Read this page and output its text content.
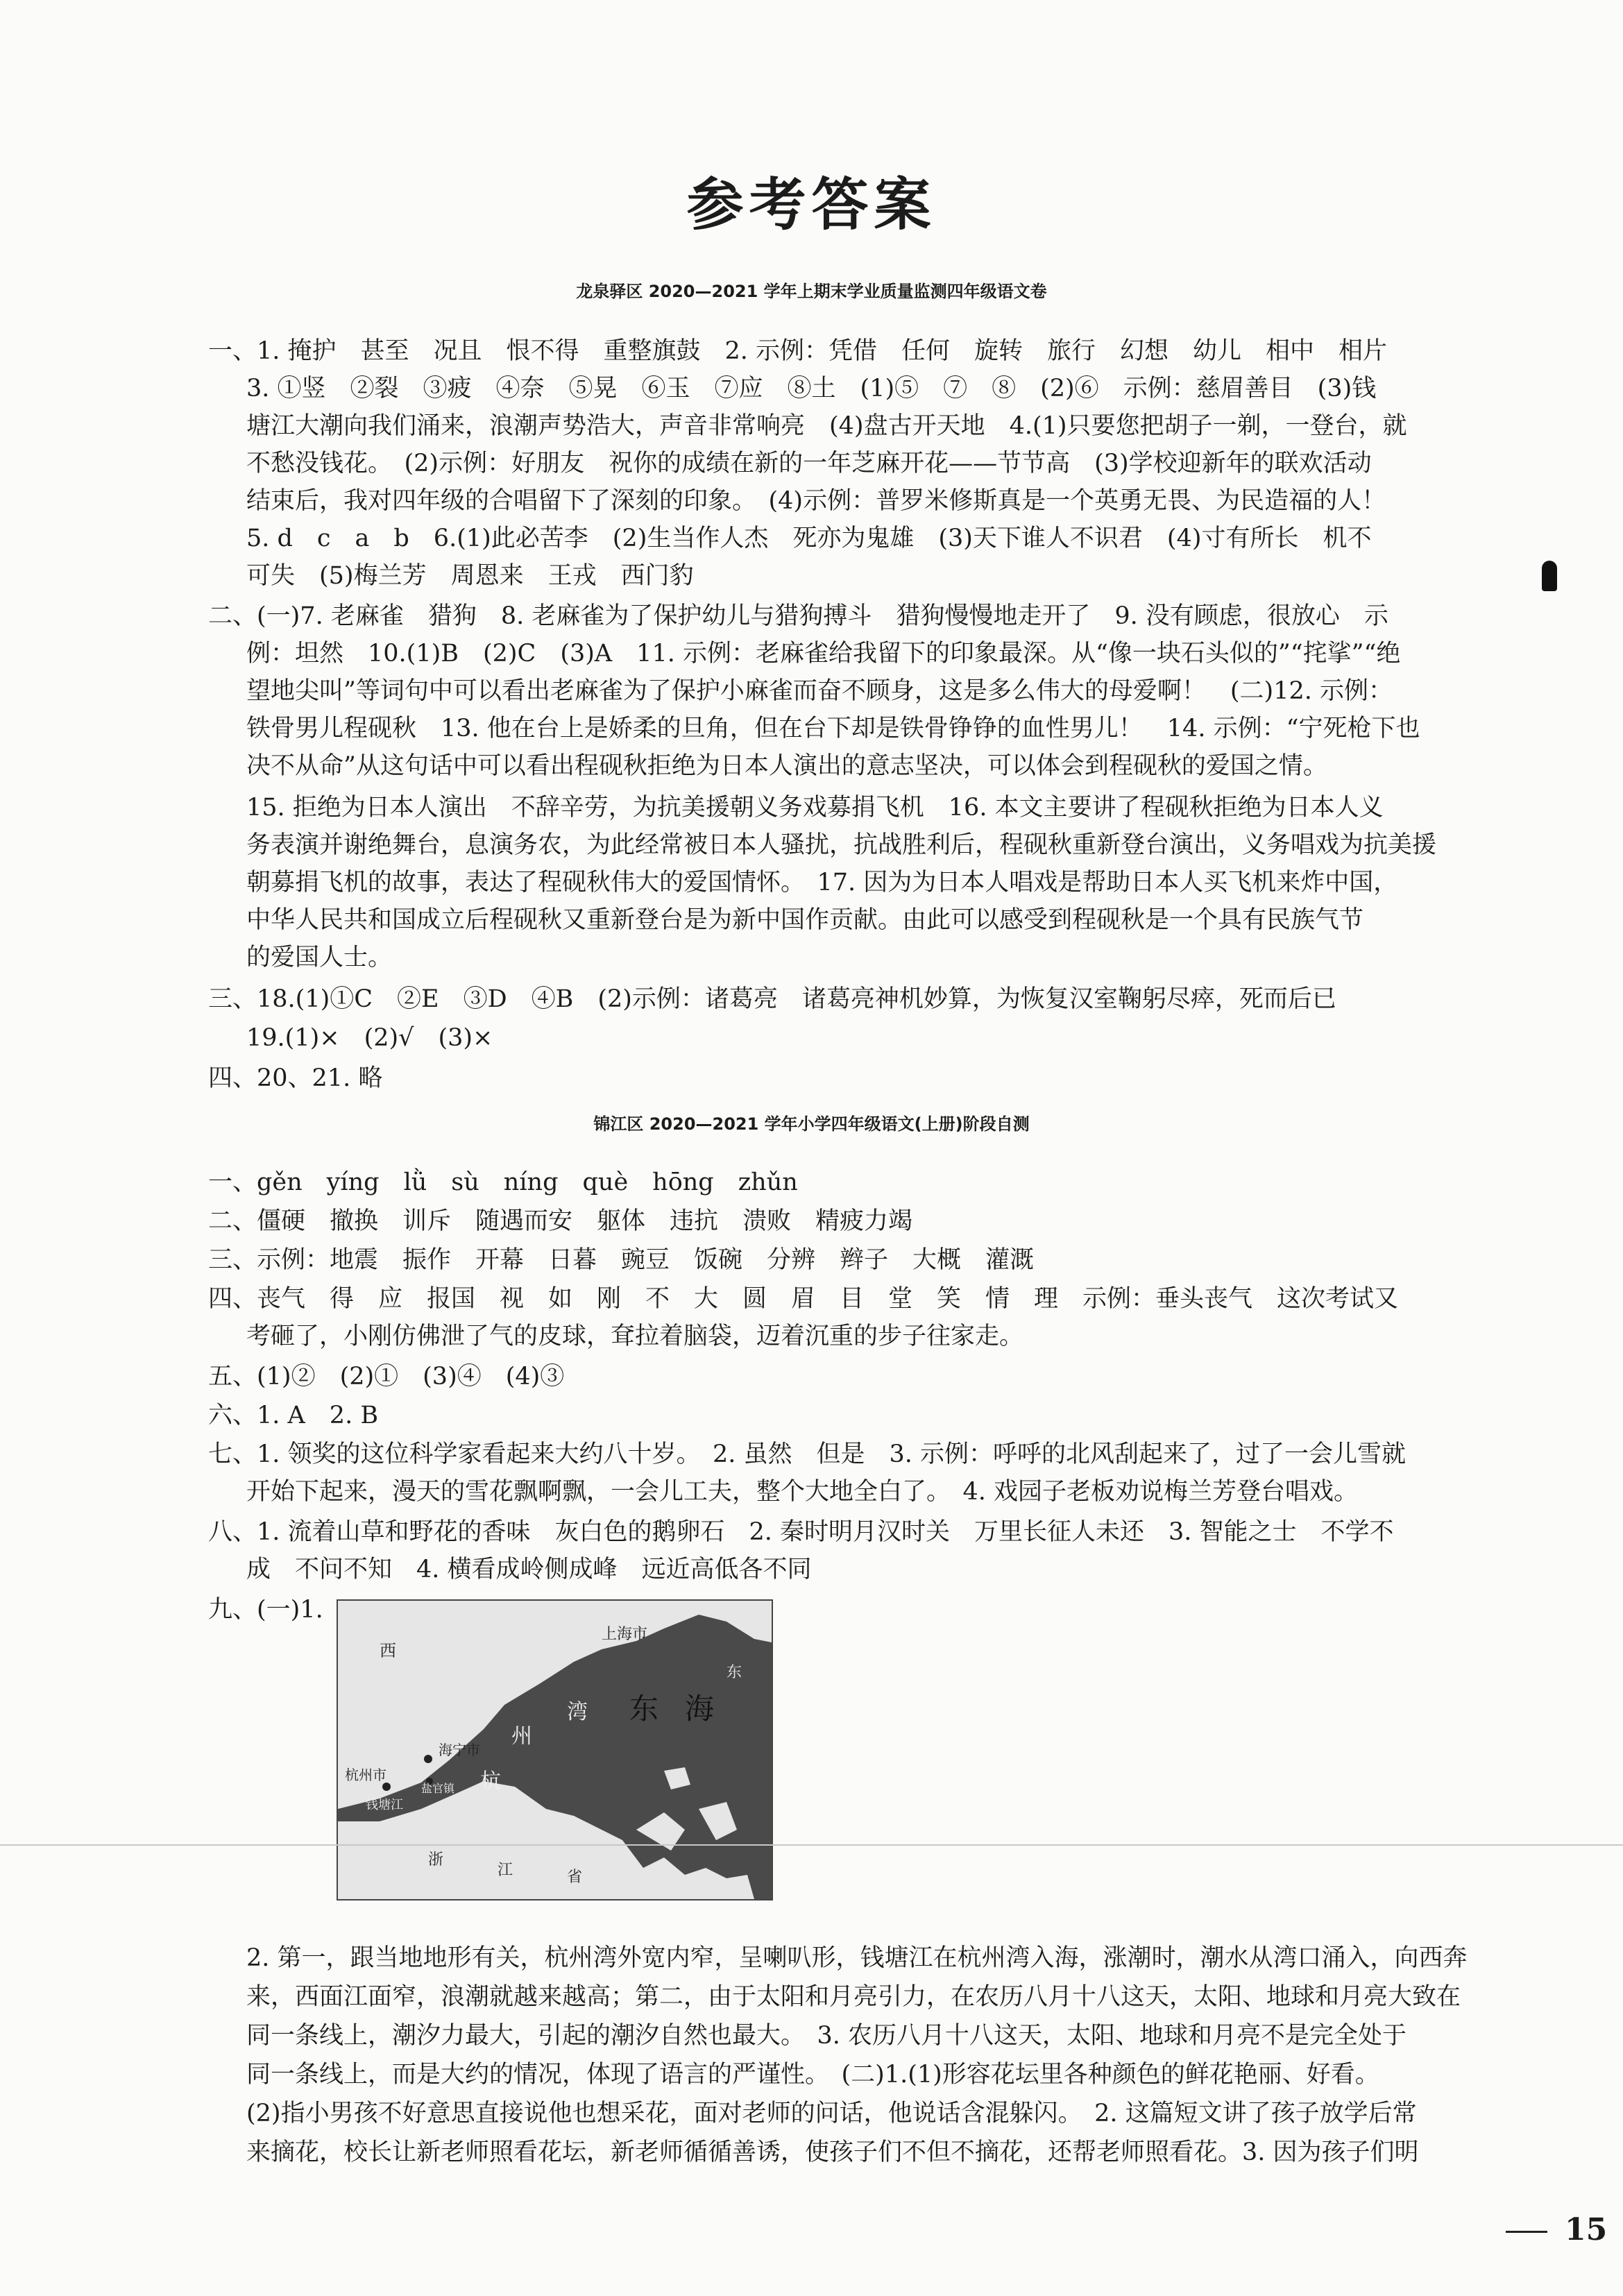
参考答案
龙泉驿区 2020—2021 学年上期末学业质量监测四年级语文卷
一、1. 掩护　甚至　况且　恨不得　重整旗鼓　2. 示例：凭借　任何　旋转　旅行　幻想　幼儿　相中　相片
3. ①竖　②裂　③疲　④奈　⑤晃　⑥玉　⑦应　⑧土　(1)⑤　⑦　⑧　(2)⑥　示例：慈眉善目　(3)钱
塘江大潮向我们涌来，浪潮声势浩大，声音非常响亮　(4)盘古开天地　4.(1)只要您把胡子一剃，一登台，就
不愁没钱花。　(2)示例：好朋友　祝你的成绩在新的一年芝麻开花——节节高　(3)学校迎新年的联欢活动
结束后，我对四年级的合唱留下了深刻的印象。　(4)示例：普罗米修斯真是一个英勇无畏、为民造福的人！
5. d　c　a　b　6.(1)此必苦李　(2)生当作人杰　死亦为鬼雄　(3)天下谁人不识君　(4)寸有所长　机不
可失　(5)梅兰芳　周恩来　王戎　西门豹
二、(一)7. 老麻雀　猎狗　8. 老麻雀为了保护幼儿与猎狗搏斗　猎狗慢慢地走开了　9. 没有顾虑，很放心　示
例：坦然　10.(1)B　(2)C　(3)A　11. 示例：老麻雀给我留下的印象最深。从“像一块石头似的”“挓挲”“绝
望地尖叫”等词句中可以看出老麻雀为了保护小麻雀而奋不顾身，这是多么伟大的母爱啊！　(二)12. 示例：
铁骨男儿程砚秋　13. 他在台上是娇柔的旦角，但在台下却是铁骨铮铮的血性男儿！　14. 示例：“宁死枪下也
决不从命”从这句话中可以看出程砚秋拒绝为日本人演出的意志坚决，可以体会到程砚秋的爱国之情。
15. 拒绝为日本人演出　不辞辛劳，为抗美援朝义务戏募捐飞机　16. 本文主要讲了程砚秋拒绝为日本人义
务表演并谢绝舞台，息演务农，为此经常被日本人骚扰，抗战胜利后，程砚秋重新登台演出，义务唱戏为抗美援
朝募捐飞机的故事，表达了程砚秋伟大的爱国情怀。　17. 因为为日本人唱戏是帮助日本人买飞机来炸中国，
中华人民共和国成立后程砚秋又重新登台是为新中国作贡献。由此可以感受到程砚秋是一个具有民族气节
的爱国人士。
三、18.(1)①C　②E　③D　④B　(2)示例：诸葛亮　诸葛亮神机妙算，为恢复汉室鞠躬尽瘁，死而后已
19.(1)×　(2)√　(3)×
四、20、21. 略
锦江区 2020—2021 学年小学四年级语文(上册)阶段自测
一、gěn　yíng　lǜ　sù　níng　què　hōng　zhǔn
二、僵硬　撤换　训斥　随遇而安　躯体　违抗　溃败　精疲力竭
三、示例：地震　振作　开幕　日暮　豌豆　饭碗　分辨　辫子　大概　灌溉
四、丧气　得　应　报国　视　如　刚　不　大　圆　眉　目　堂　笑　情　理　示例：垂头丧气　这次考试又
考砸了，小刚仿佛泄了气的皮球，耷拉着脑袋，迈着沉重的步子往家走。
五、(1)②　(2)①　(3)④　(4)③
六、1. A　2. B
七、1. 领奖的这位科学家看起来大约八十岁。　2. 虽然　但是　3. 示例：呼呼的北风刮起来了，过了一会儿雪就
开始下起来，漫天的雪花飘啊飘，一会儿工夫，整个大地全白了。　4. 戏园子老板劝说梅兰芳登台唱戏。
八、1. 流着山草和野花的香味　灰白色的鹅卵石　2. 秦时明月汉时关　万里长征人未还　3. 智能之士　不学不
成　不问不知　4. 横看成岭侧成峰　远近高低各不同
九、(一)1.
西
上海市
东
海宁市
杭州市
盐官镇
钱塘江
杭
州
湾 东 海
浙
江	省
2. 第一，跟当地地形有关，杭州湾外宽内窄，呈喇叭形，钱塘江在杭州湾入海，涨潮时，潮水从湾口涌入，向西奔
来，西面江面窄，浪潮就越来越高；第二，由于太阳和月亮引力，在农历八月十八这天，太阳、地球和月亮大致在
同一条线上，潮汐力最大，引起的潮汐自然也最大。　3. 农历八月十八这天，太阳、地球和月亮不是完全处于
同一条线上，而是大约的情况，体现了语言的严谨性。　(二)1.(1)形容花坛里各种颜色的鲜花艳丽、好看。
(2)指小男孩不好意思直接说他也想采花，面对老师的问话，他说话含混躲闪。　2. 这篇短文讲了孩子放学后常
来摘花，校长让新老师照看花坛，新老师循循善诱，使孩子们不但不摘花，还帮老师照看花。3. 因为孩子们明
15
